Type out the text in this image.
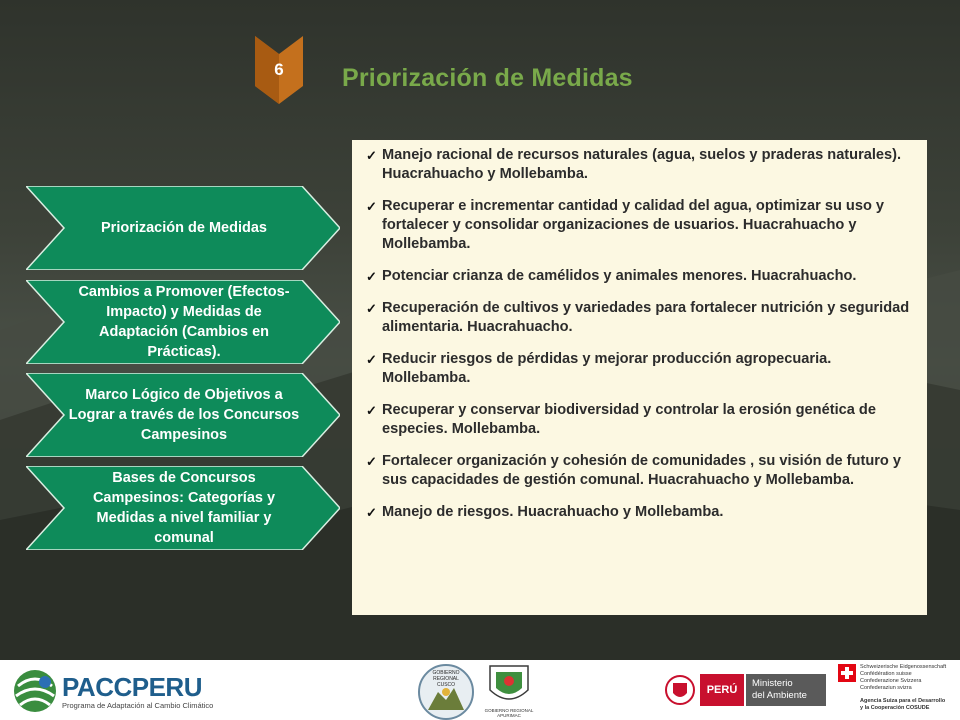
6	Priorización de Medidas
Priorización de Medidas
Cambios a Promover (Efectos-Impacto) y Medidas de Adaptación (Cambios en Prácticas).
Marco Lógico de Objetivos a Lograr a través de los Concursos Campesinos
Bases de Concursos Campesinos: Categorías y Medidas a nivel familiar y comunal
✓ Manejo racional de recursos naturales (agua, suelos y praderas naturales). Huacrahuacho y Mollebamba.
✓ Recuperar e incrementar cantidad y calidad del agua, optimizar su uso y fortalecer y consolidar organizaciones de usuarios. Huacrahuacho y Mollebamba.
✓ Potenciar crianza de camélidos y animales menores. Huacrahuacho.
✓ Recuperación de cultivos y variedades para fortalecer nutrición y seguridad alimentaria. Huacrahuacho.
✓ Reducir riesgos de pérdidas y mejorar producción agropecuaria. Mollebamba.
✓ Recuperar y conservar biodiversidad y controlar la erosión genética de especies. Mollebamba.
✓ Fortalecer organización y cohesión de comunidades , su visión de futuro y sus capacidades de gestión comunal. Huacrahuacho y Mollebamba.
✓ Manejo de riesgos. Huacrahuacho y Mollebamba.
PACCPERU
Programa de Adaptación al Cambio Climático
GOBIERNO REGIONAL CUSCO
GOBIERNO REGIONAL APURIMAC
PERÚ
Ministerio
del Ambiente
Schweizerische Eidgenossenschaft
Confédération suisse
Confederazione Svizzera
Confederaziun svizra
Agencia Suiza para el Desarrollo
y la Cooperación COSUDE
